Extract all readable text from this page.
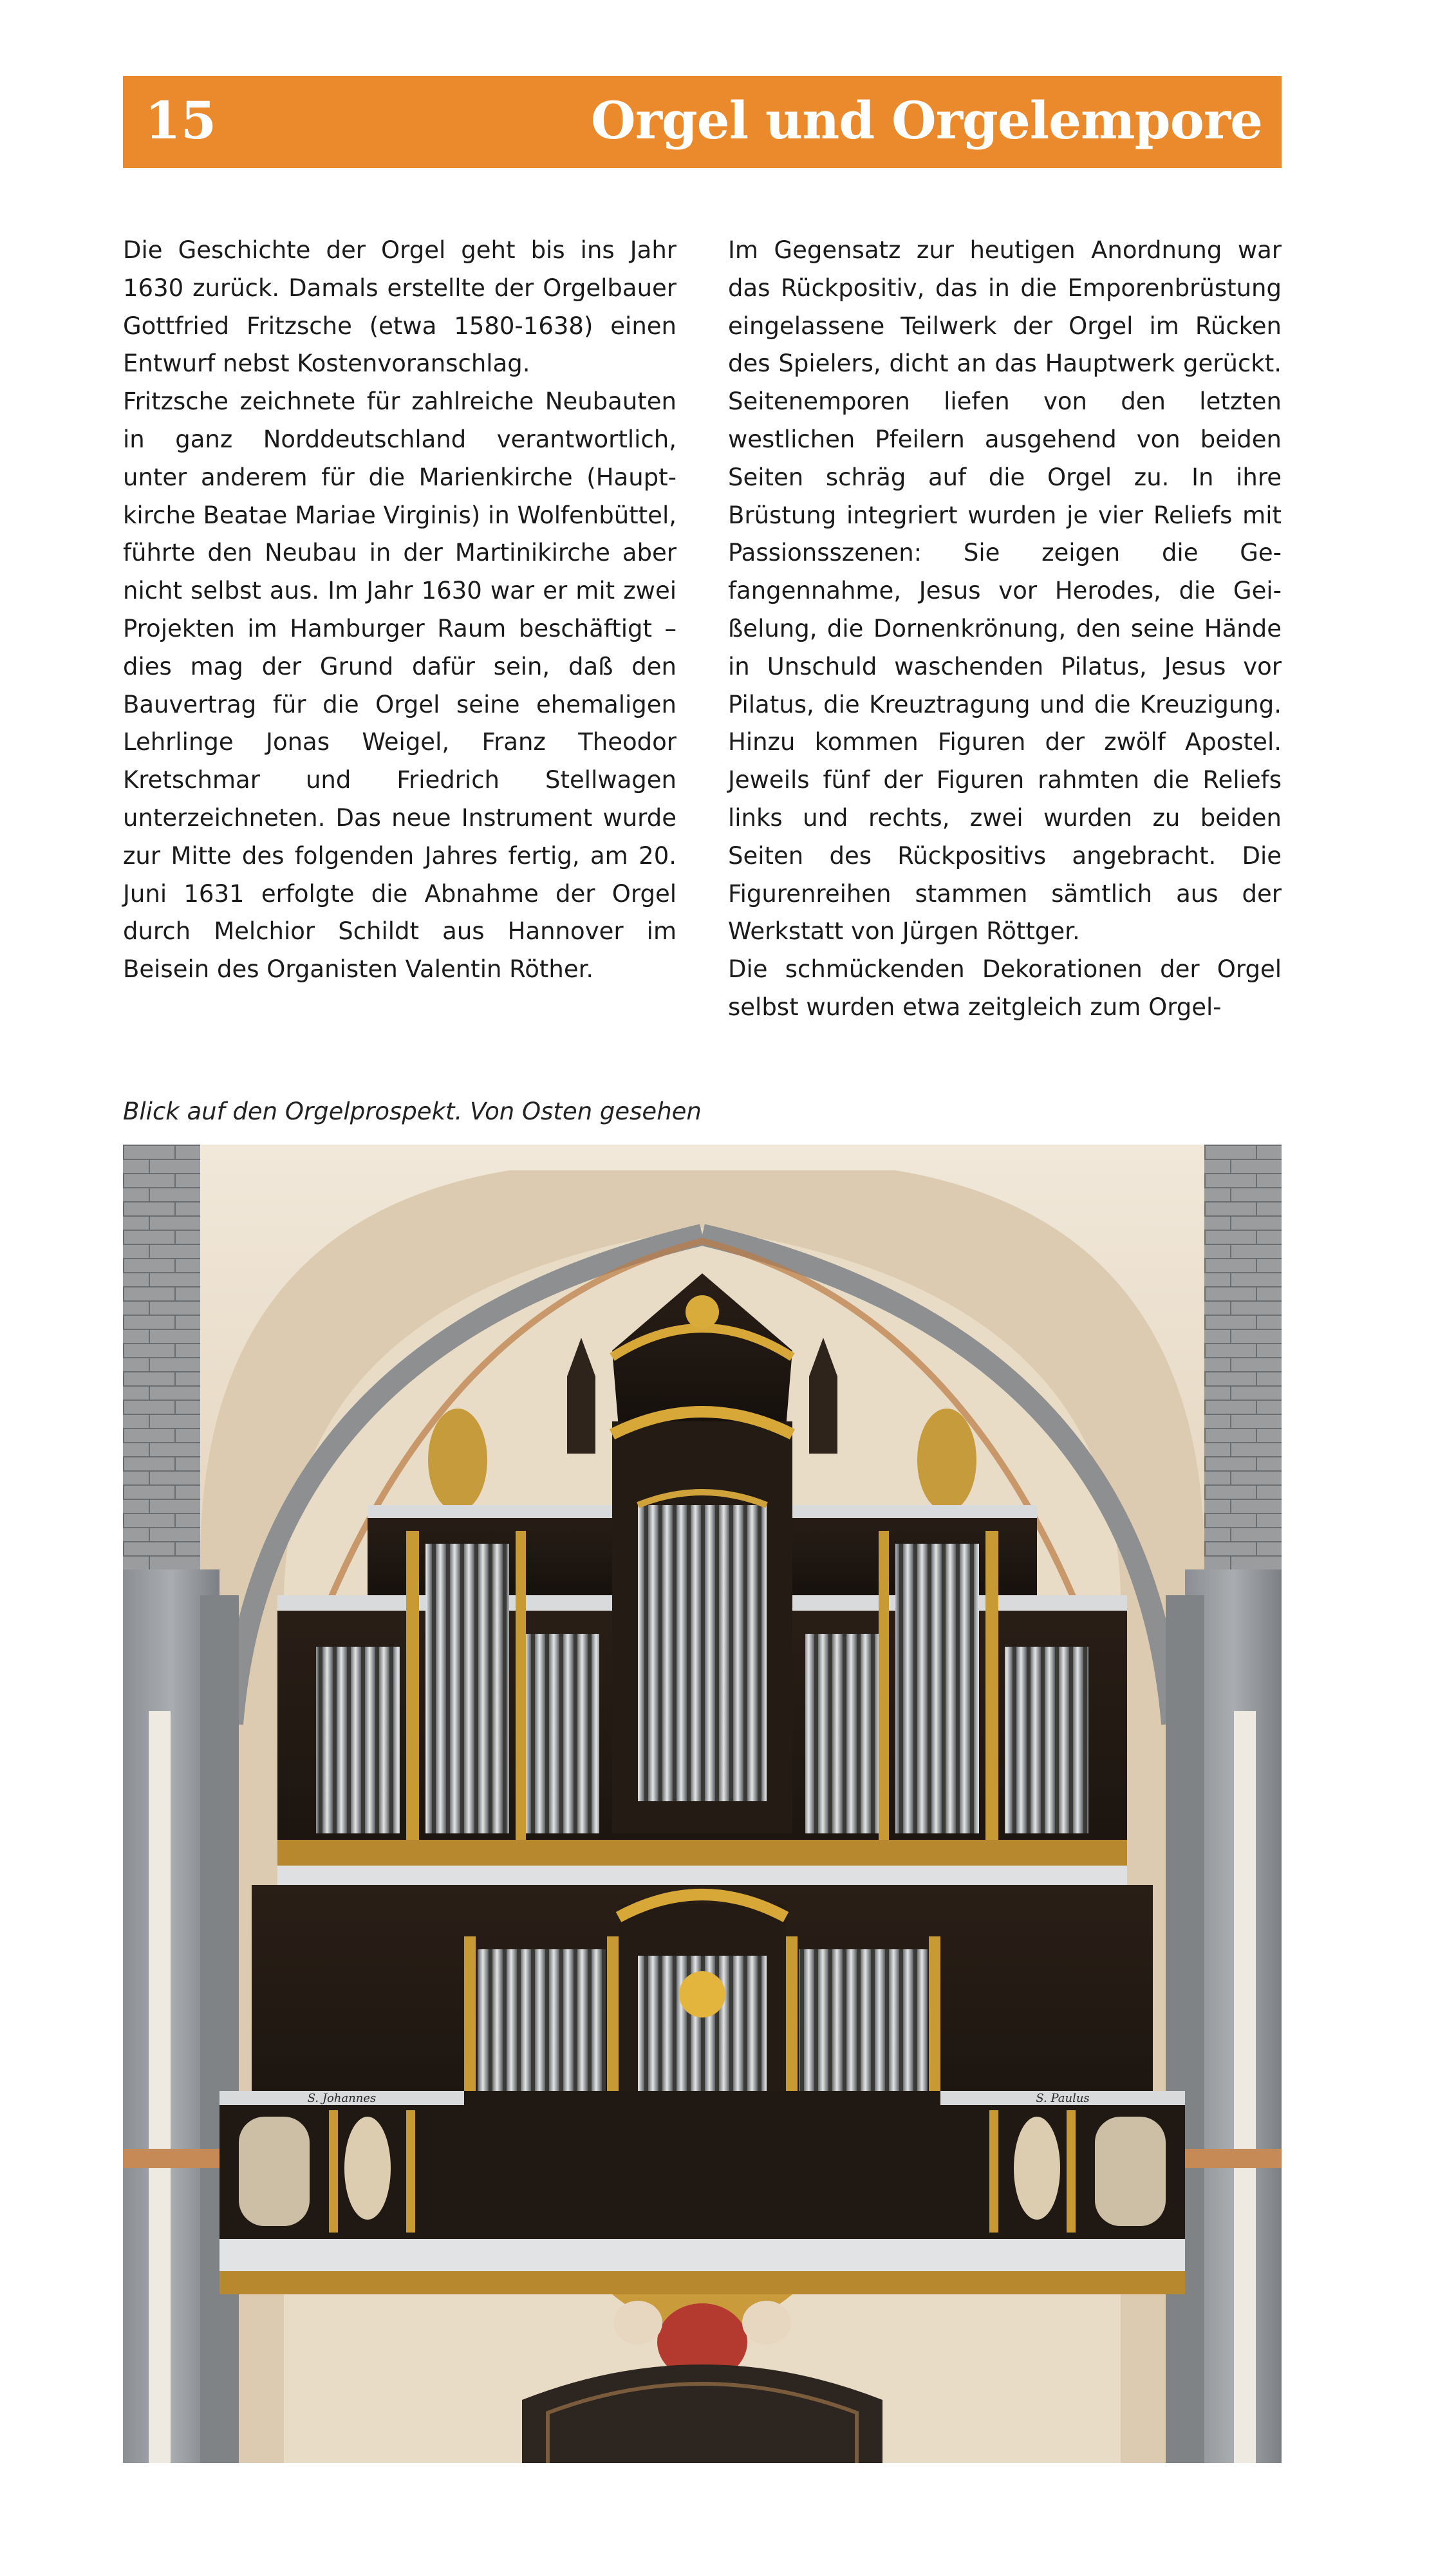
15	Orgel und Orgelempore

Die Geschichte der Orgel geht bis ins Jahr 1630 zurück. Damals erstellte der Orgelbauer Gottfried Fritzsche (etwa 1580-1638) einen Entwurf nebst Kostenvoranschlag.

Fritzsche zeichnete für zahlreiche Neubauten in ganz Norddeutschland verantwortlich, unter anderem für die Marienkirche (Hauptkirche Beatae Mariae Virginis) in Wolfenbüttel, führte den Neubau in der Martinikirche aber nicht selbst aus. Im Jahr 1630 war er mit zwei Projekten im Hamburger Raum beschäftigt – dies mag der Grund dafür sein, daß den Bauvertrag für die Orgel seine ehemaligen Lehrlinge Jonas Weigel, Franz Theodor Kretschmar und Friedrich Stellwagen unterzeichneten. Das neue Instrument wurde zur Mitte des folgenden Jahres fertig, am 20. Juni 1631 erfolgte die Abnahme der Orgel durch Melchior Schildt aus Hannover im Beisein des Organisten Valentin Röther.

Im Gegensatz zur heutigen Anordnung war das Rückpositiv, das in die Emporenbrüstung eingelassene Teilwerk der Orgel im Rücken des Spielers, dicht an das Hauptwerk gerückt. Seitenemporen liefen von den letzten westlichen Pfeilern ausgehend von beiden Seiten schräg auf die Orgel zu. In ihre Brüstung integriert wurden je vier Reliefs mit Passionsszenen: Sie zeigen die Gefangennahme, Jesus vor Herodes, die Geißelung, die Dornenkrönung, den seine Hände in Unschuld waschenden Pilatus, Jesus vor Pilatus, die Kreuztragung und die Kreuzigung. Hinzu kommen Figuren der zwölf Apostel. Jeweils fünf der Figuren rahmten die Reliefs links und rechts, zwei wurden zu beiden Seiten des Rückpositivs angebracht. Die Figurenreihen stammen sämtlich aus der Werkstatt von Jürgen Röttger.

Die schmückenden Dekorationen der Orgel selbst wurden etwa zeitgleich zum Orgel-

Blick auf den Orgelprospekt. Von Osten gesehen
S. Johannes	S. Paulus
